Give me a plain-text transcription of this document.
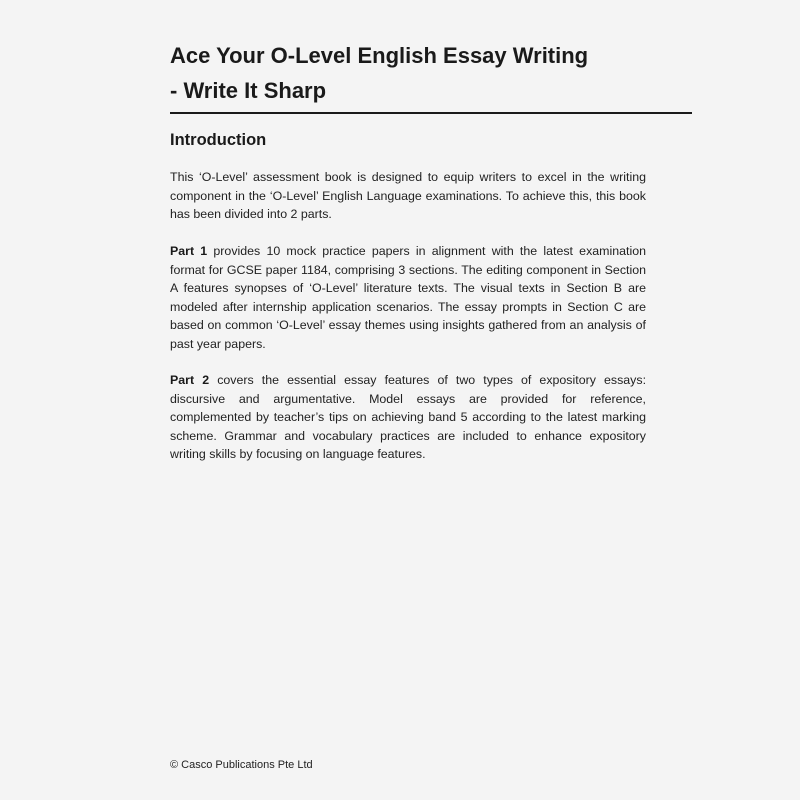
Ace Your O-Level English Essay Writing
- Write It Sharp
Introduction

This ‘O-Level’ assessment book is designed to equip writers to excel in the writing component in the ‘O-Level’ English Language examinations. To achieve this, this book has been divided into 2 parts.

Part 1 provides 10 mock practice papers in alignment with the latest examination format for GCSE paper 1184, comprising 3 sections. The editing component in Section A features synopses of ‘O-Level’ literature texts. The visual texts in Section B are modeled after internship application scenarios. The essay prompts in Section C are based on common ‘O-Level’ essay themes using insights gathered from an analysis of past year papers.

Part 2 covers the essential essay features of two types of expository essays: discursive and argumentative. Model essays are provided for reference, complemented by teacher’s tips on achieving band 5 according to the latest marking scheme. Grammar and vocabulary practices are included to enhance expository writing skills by focusing on language features.

© Casco Publications Pte Ltd
